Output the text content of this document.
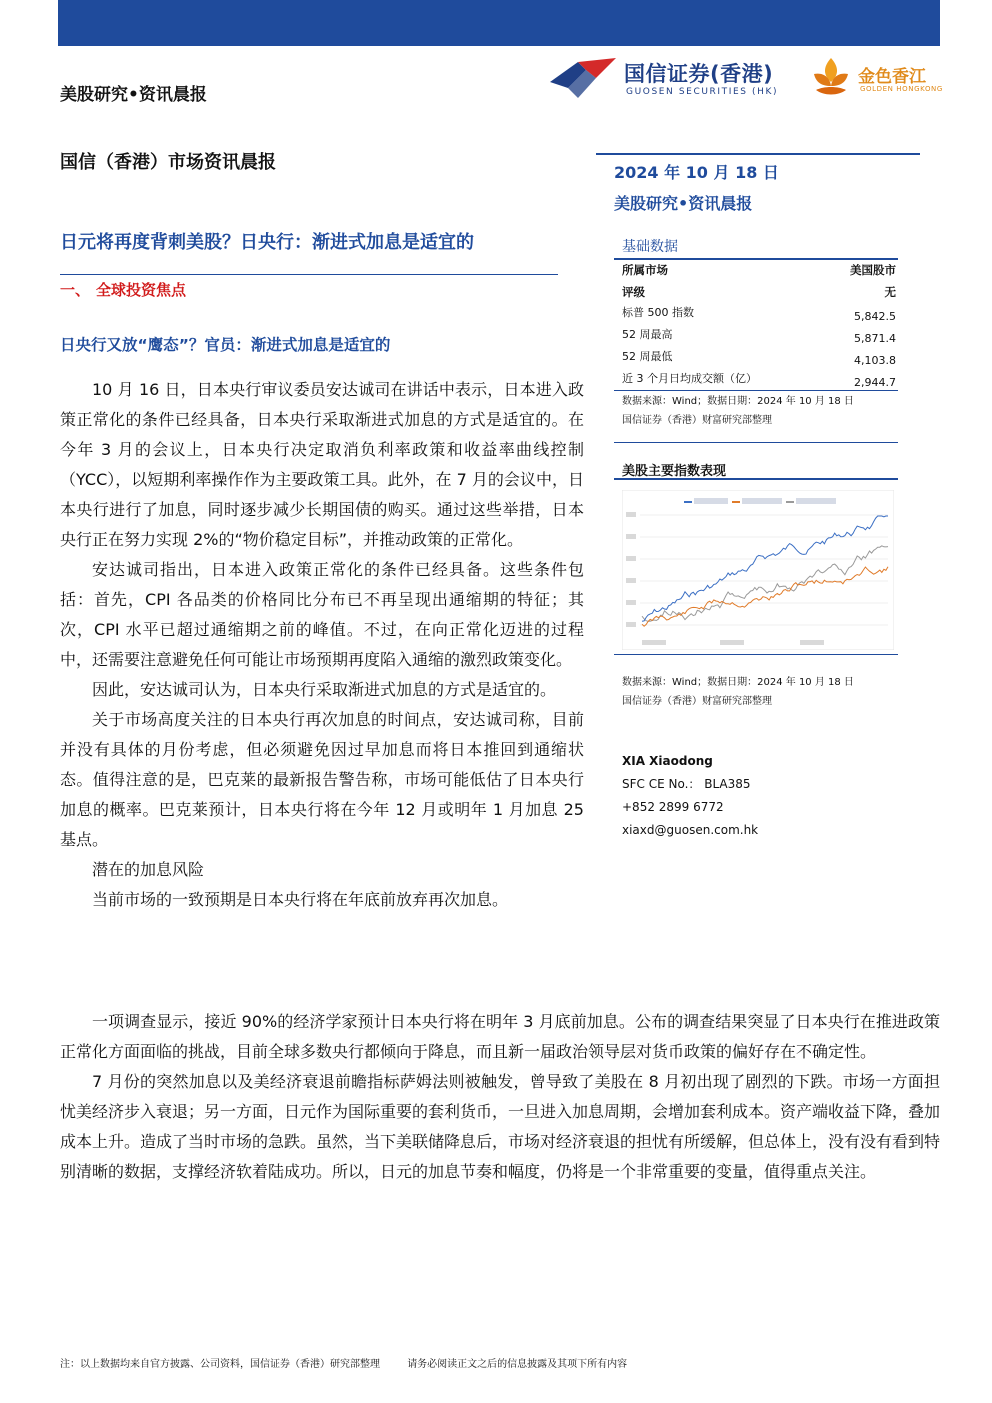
美股研究•资讯晨报
国信证券(香港)
GUOSEN SECURITIES (HK)
金色香江
GOLDEN HONGKONG
国信（香港）市场资讯晨报
日元将再度背刺美股？日央行：渐进式加息是适宜的
一、 全球投资焦点
日央行又放“鹰态”？官员：渐进式加息是适宜的

10 月 16 日，日本央行审议委员安达诚司在讲话中表示，日本进入政策正常化的条件已经具备，日本央行采取渐进式加息的方式是适宜的。在今年 3 月的会议上，日本央行决定取消负利率政策和收益率曲线控制（YCC），以短期利率操作作为主要政策工具。此外，在 7 月的会议中，日本央行进行了加息，同时逐步减少长期国债的购买。通过这些举措，日本央行正在努力实现 2%的“物价稳定目标”，并推动政策的正常化。

安达诚司指出，日本进入政策正常化的条件已经具备。这些条件包括：首先，CPI 各品类的价格同比分布已不再呈现出通缩期的特征；其次，CPI 水平已超过通缩期之前的峰值。不过，在向正常化迈进的过程中，还需要注意避免任何可能让市场预期再度陷入通缩的激烈政策变化。

因此，安达诚司认为，日本央行采取渐进式加息的方式是适宜的。

关于市场高度关注的日本央行再次加息的时间点，安达诚司称，目前并没有具体的月份考虑，但必须避免因过早加息而将日本推回到通缩状态。值得注意的是，巴克莱的最新报告警告称，市场可能低估了日本央行加息的概率。巴克莱预计，日本央行将在今年 12 月或明年 1 月加息 25 基点。

潜在的加息风险

当前市场的一致预期是日本央行将在年底前放弃再次加息。

一项调查显示，接近 90%的经济学家预计日本央行将在明年 3 月底前加息。公布的调查结果突显了日本央行在推进政策正常化方面面临的挑战，目前全球多数央行都倾向于降息，而且新一届政治领导层对货币政策的偏好存在不确定性。

7 月份的突然加息以及美经济衰退前瞻指标萨姆法则被触发，曾导致了美股在 8 月初出现了剧烈的下跌。市场一方面担忧美经济步入衰退；另一方面，日元作为国际重要的套利货币，一旦进入加息周期，会增加套利成本。资产端收益下降，叠加成本上升。造成了当时市场的急跌。虽然，当下美联储降息后，市场对经济衰退的担忧有所缓解，但总体上，没有没有看到特别清晰的数据，支撑经济软着陆成功。所以，日元的加息节奏和幅度，仍将是一个非常重要的变量，值得重点关注。

2024 年 10 月 18 日
美股研究•资讯晨报
基础数据
所属市场	美国股市
评级	无
标普 500 指数	5,842.5
52 周最高	5,871.4
52 周最低	4,103.8
近 3 个月日均成交额（亿）	2,944.7
数据来源：Wind；数据日期：2024 年 10 月 18 日
国信证券（香港）财富研究部整理
美股主要指数表现
数据来源：Wind；数据日期：2024 年 10 月 18 日
国信证券（香港）财富研究部整理
XIA Xiaodong
SFC CE No.： BLA385
+852 2899 6772
xiaxd@guosen.com.hk
注：以上数据均来自官方披露、公司资料，国信证券（香港）研究部整理	请务必阅读正文之后的信息披露及其项下所有内容
